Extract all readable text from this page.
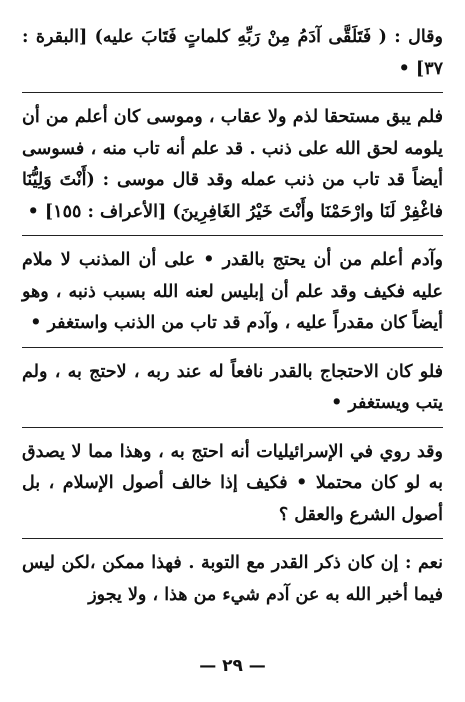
وقال : ( فَتَلَقَّى آدَمُ مِنْ رَبِّهِ كلماتٍ فَتَابَ عليه) [البقرة : ٣٧] •

فلم يبق مستحقا لذم ولا عقاب ، وموسى كان أعلم من أن يلومه لحق الله على ذنب . قد علم أنه تاب منه ، فسوسى أيضاً قد تاب من ذنب عمله وقد قال موسى : (أَنْتَ وَلِيُّنَا فاغْفِرْ لَنَا وارْحَمْنَا وأَنْتَ خَيْرُ الغَافِرِينَ) [الأعراف : ١٥٥] •

وآدم أعلم من أن يحتج بالقدر • على أن المذنب لا ملام عليه فكيف وقد علم أن إبليس لعنه الله بسبب ذنبه ، وهو أيضاً كان مقدراً عليه ، وآدم قد تاب من الذنب واستغفر •

فلو كان الاحتجاج بالقدر نافعاً له عند ربه ، لاحتج به ، ولم يتب ويستغفر •

وقد روي في الإسرائيليات أنه احتج به ، وهذا مما لا يصدق به لو كان محتملا • فكيف إذا خالف أصول الإسلام ، بل أصول الشرع والعقل ؟

نعم : إن كان ذكر القدر مع التوبة . فهذا ممكن ،لكن ليس فيما أخبر الله به عن آدم شيء من هذا ، ولا يجوز

— ٢٩ —
